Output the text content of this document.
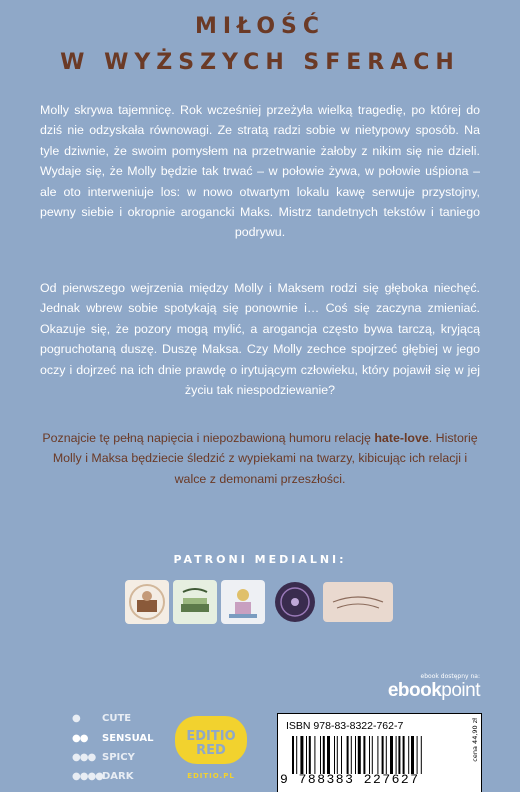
MIŁOŚĆ
W WYŻSZYCH SFERACH
Molly skrywa tajemnicę. Rok wcześniej przeżyła wielką tragedię, po której do dziś nie odzyskała równowagi. Ze stratą radzi sobie w nietypowy sposób. Na tyle dziwnie, że swoim pomysłem na przetrwanie żałoby z nikim się nie dzieli. Wydaje się, że Molly będzie tak trwać – w połowie żywa, w połowie uśpiona – ale oto interweniuje los: w nowo otwartym lokalu kawę serwuje przystojny, pewny siebie i okropnie arogancki Maks. Mistrz tandetnych tekstów i taniego podrywu.
Od pierwszego wejrzenia między Molly i Maksem rodzi się głęboka niechęć. Jednak wbrew sobie spotykają się ponownie i… Coś się zaczyna zmieniać. Okazuje się, że pozory mogą mylić, a arogancja często bywa tarczą, kryjącą pogruchotaną duszę. Duszę Maksa. Czy Molly zechce spojrzeć głębiej w jego oczy i dojrzeć na ich dnie prawdę o irytującym człowieku, który pojawił się w jej życiu tak niespodziewanie?
Poznajcie tę pełną napięcia i niepozbawioną humoru relację hate-love. Historię Molly i Maksa będziecie śledzić z wypiekami na twarzy, kibicując ich relacji i walce z demonami przeszłości.
PATRONI MEDIALNI:
ebook dostępny na:
ebookpoint
● CUTE
●● SENSUAL
●●● SPICY
●●●●DARK
EDITIO RED
EDITIO.PL
ISBN 978-83-8322-762-7
9 788383 227627
cena 44,90 zł
